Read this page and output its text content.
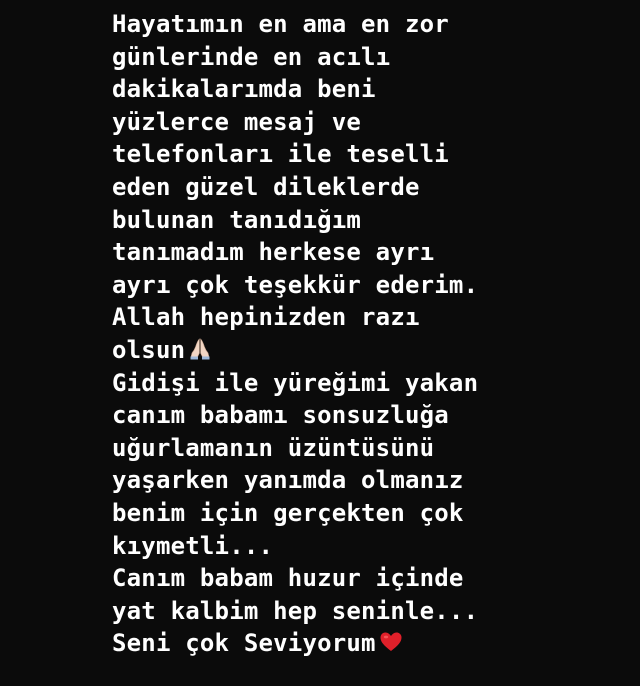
Hayatımın en ama en zor
günlerinde en acılı
dakikalarımda beni
yüzlerce mesaj ve
telefonları ile teselli
eden güzel dileklerde
bulunan tanıdığım
tanımadım herkese ayrı
ayrı çok teşekkür ederim.
Allah hepinizden razı
olsun
Gidişi ile yüreğimi yakan
canım babamı sonsuzluğa
uğurlamanın üzüntüsünü
yaşarken yanımda olmanız
benim için gerçekten çok
kıymetli...
Canım babam huzur içinde
yat kalbim hep seninle...
Seni çok Seviyorum
